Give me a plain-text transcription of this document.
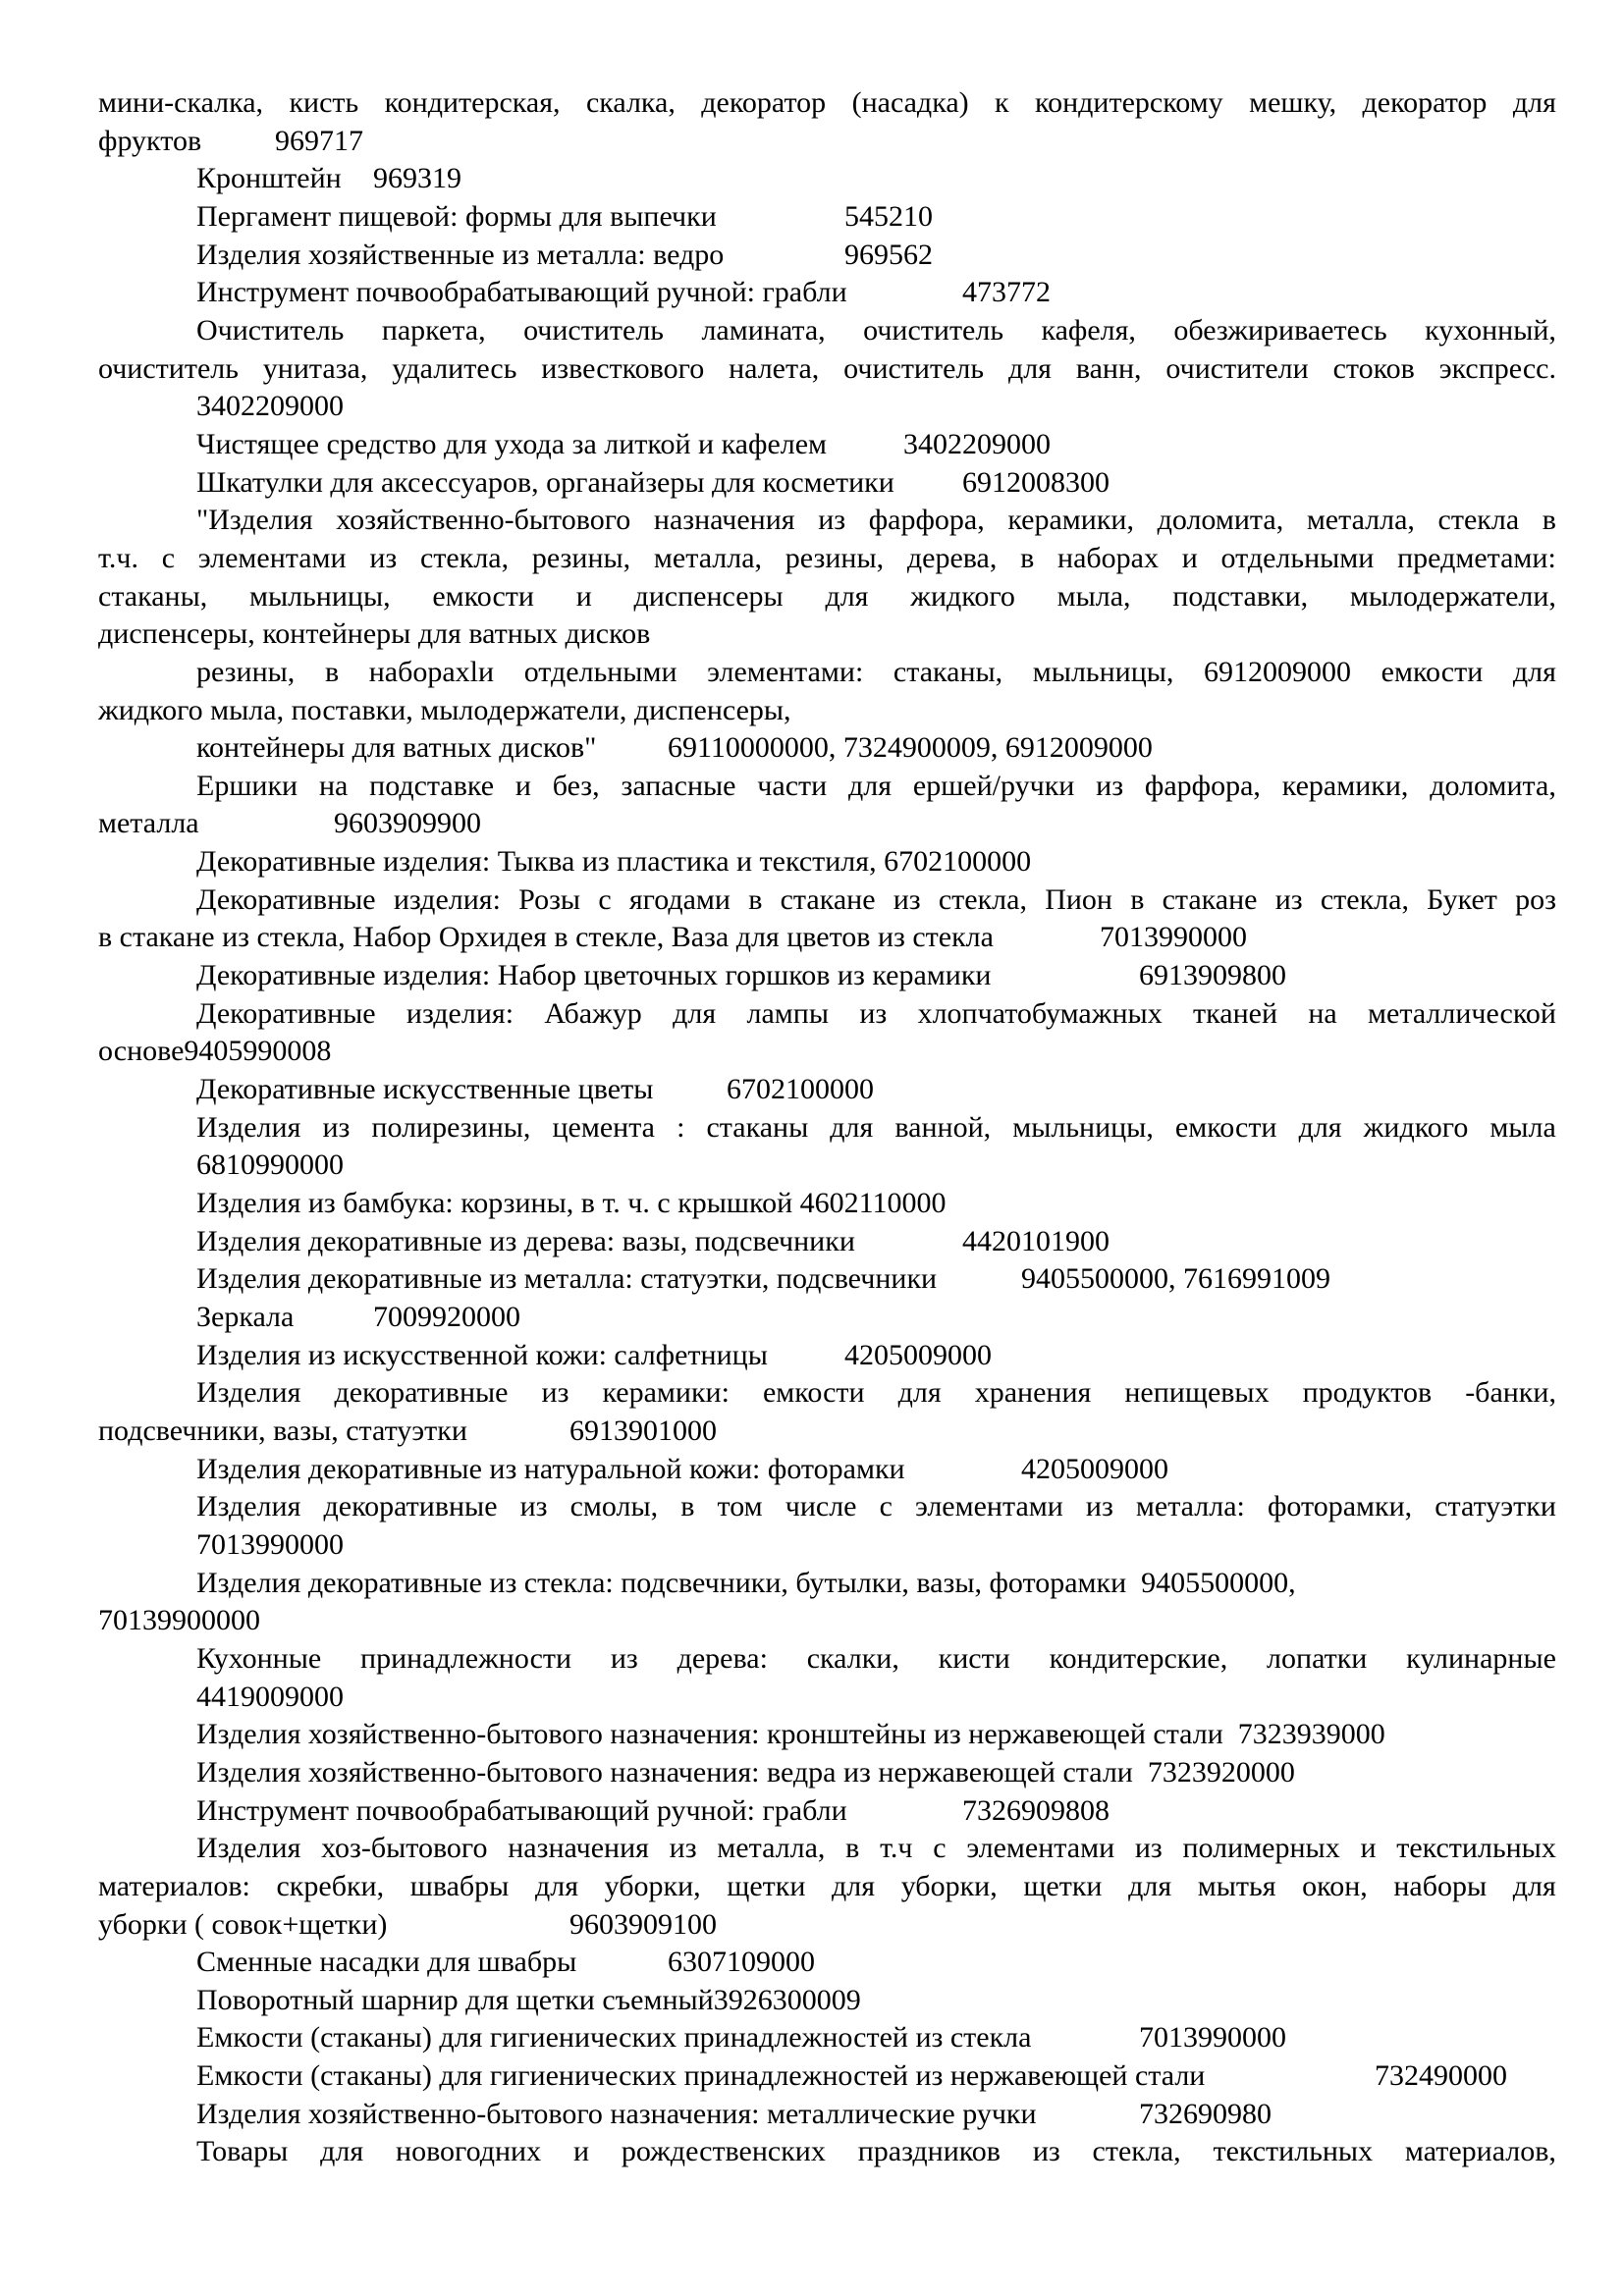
мини-скалка, кисть кондитерская, скалка, декоратор (насадка) к кондитерскому мешку, декоратор для
фруктов		969717
Кронштейн	969319
Пергамент пищевой: формы для выпечки			545210
Изделия хозяйственные из металла: ведро		969562
Инструмент почвообрабатывающий ручной: грабли		473772
Очиститель паркета, очиститель ламината, очиститель кафеля, обезжириваетесь кухонный,
очиститель унитаза, удалитесь известкового налета, очиститель для ванн, очистители стоков экспресс.
3402209000
Чистящее средство для ухода за литкой и кафелем		3402209000
Шкатулки для аксессуаров, органайзеры для косметики		6912008300
"Изделия хозяйственно-бытового назначения из фарфора, керамики, доломита, металла, стекла в
т.ч. с элементами из стекла, резины, металла, резины, дерева, в наборах и отдельными предметами:
стаканы, мыльницы, емкости и диспенсеры для жидкого мыла, подставки, мылодержатели,
диспенсеры, контейнеры для ватных дисков
резины, в наборахlи отдельными элементами: стаканы, мыльницы, 6912009000 емкости для
жидкого мыла, поставки, мылодержатели, диспенсеры,
контейнеры для ватных дисков"		69110000000, 7324900009, 6912009000
Ершики на подставке и без, запасные части для ершей/ручки из фарфора, керамики, доломита,
металла			9603909900
Декоративные изделия: Тыква из пластика и текстиля, 6702100000
Декоративные изделия: Розы с ягодами в стакане из стекла, Пион в стакане из стекла, Букет роз
в стакане из стекла, Набор Орхидея в стекле, Ваза для цветов из стекла		7013990000
Декоративные изделия: Набор цветочных горшков из керамики			6913909800
Декоративные изделия: Абажур для лампы из хлопчатобумажных тканей на металлической
основе9405990008
Декоративные искусственные цветы		6702100000
Изделия из полирезины, цемента : стаканы для ванной, мыльницы, емкости для жидкого мыла
6810990000
Изделия из бамбука: корзины, в т. ч. с крышкой 4602110000
Изделия декоративные из дерева: вазы, подсвечники		4420101900
Изделия декоративные из металла: статуэтки, подсвечники		9405500000, 7616991009
Зеркала		7009920000
Изделия из искусственной кожи: салфетницы		4205009000
Изделия декоративные из керамики: емкости для хранения непищевых продуктов -банки,
подсвечники, вазы, статуэтки		6913901000
Изделия декоративные из натуральной кожи: фоторамки		4205009000
Изделия декоративные из смолы, в том числе с элементами из металла: фоторамки, статуэтки
7013990000
Изделия декоративные из стекла: подсвечники, бутылки, вазы, фоторамки  9405500000,
70139900000
Кухонные принадлежности из дерева: скалки, кисти кондитерские, лопатки кулинарные
4419009000
Изделия хозяйственно-бытового назначения: кронштейны из нержавеющей стали  7323939000
Изделия хозяйственно-бытового назначения: ведра из нержавеющей стали  7323920000
Инструмент почвообрабатывающий ручной: грабли		7326909808
Изделия хоз-бытового назначения из металла, в т.ч с элементами из полимерных и текстильных
материалов: скребки, швабры для уборки, щетки для уборки, щетки для мытья окон, наборы для
уборки ( совок+щетки)				9603909100
Сменные насадки для швабры		6307109000
Поворотный шарнир для щетки съемный3926300009
Емкости (стаканы) для гигиенических принадлежностей из стекла		7013990000
Емкости (стаканы) для гигиенических принадлежностей из нержавеющей стали			732490000
Изделия хозяйственно-бытового назначения: металлические ручки		732690980
Товары для новогодних и рождественских праздников из стекла, текстильных материалов,
